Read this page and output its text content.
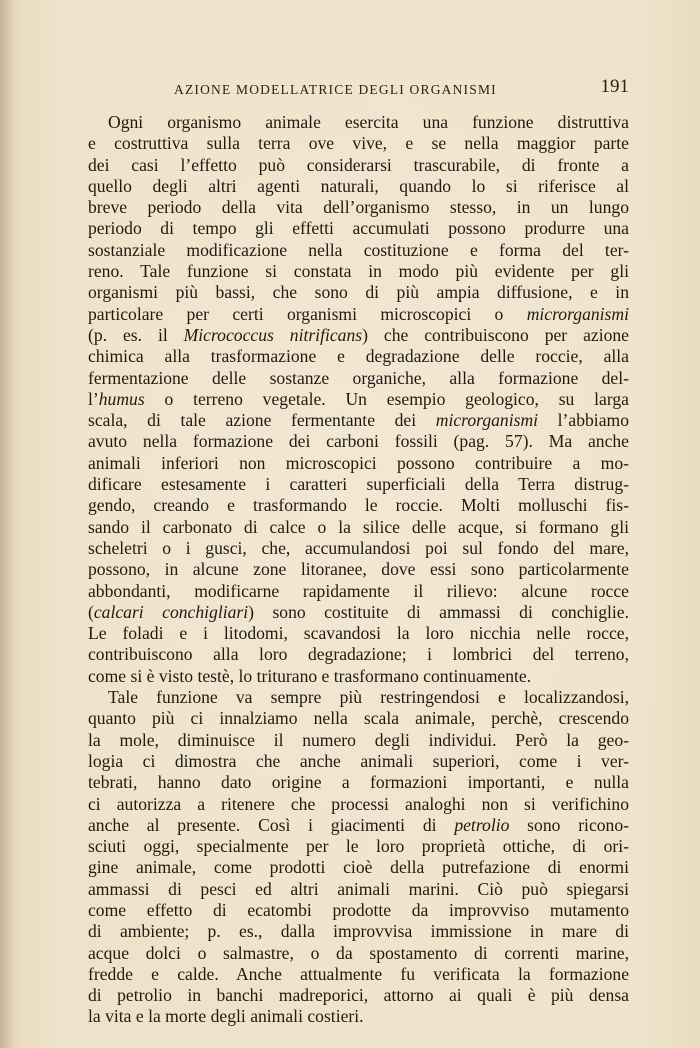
AZIONE MODELLATRICE DEGLI ORGANISMI	191
Ogni organismo animale esercita una funzione distruttiva
e costruttiva sulla terra ove vive, e se nella maggior parte
dei casi l’effetto può considerarsi trascurabile, di fronte a
quello degli altri agenti naturali, quando lo si riferisce al
breve periodo della vita dell’organismo stesso, in un lungo
periodo di tempo gli effetti accumulati possono produrre una
sostanziale modificazione nella costituzione e forma del ter-
reno. Tale funzione si constata in modo più evidente per gli
organismi più bassi, che sono di più ampia diffusione, e in
particolare per certi organismi microscopici o microrganismi
(p. es. il Micrococcus nitrificans) che contribuiscono per azione
chimica alla trasformazione e degradazione delle roccie, alla
fermentazione delle sostanze organiche, alla formazione del-
l’humus o terreno vegetale. Un esempio geologico, su larga
scala, di tale azione fermentante dei microrganismi l’abbiamo
avuto nella formazione dei carboni fossili (pag. 57). Ma anche
animali inferiori non microscopici possono contribuire a mo-
dificare estesamente i caratteri superficiali della Terra distrug-
gendo, creando e trasformando le roccie. Molti molluschi fis-
sando il carbonato di calce o la silice delle acque, si formano gli
scheletri o i gusci, che, accumulandosi poi sul fondo del mare,
possono, in alcune zone litoranee, dove essi sono particolarmente
abbondanti, modificarne rapidamente il rilievo: alcune rocce
(calcari conchigliari) sono costituite di ammassi di conchiglie.
Le foladi e i litodomi, scavandosi la loro nicchia nelle rocce,
contribuiscono alla loro degradazione; i lombrici del terreno,
come si è visto testè, lo triturano e trasformano continuamente.
Tale funzione va sempre più restringendosi e localizzandosi,
quanto più ci innalziamo nella scala animale, perchè, crescendo
la mole, diminuisce il numero degli individui. Però la geo-
logia ci dimostra che anche animali superiori, come i ver-
tebrati, hanno dato origine a formazioni importanti, e nulla
ci autorizza a ritenere che processi analoghi non si verifichino
anche al presente. Così i giacimenti di petrolio sono ricono-
sciuti oggi, specialmente per le loro proprietà ottiche, di ori-
gine animale, come prodotti cioè della putrefazione di enormi
ammassi di pesci ed altri animali marini. Ciò può spiegarsi
come effetto di ecatombi prodotte da improvviso mutamento
di ambiente; p. es., dalla improvvisa immissione in mare di
acque dolci o salmastre, o da spostamento di correnti marine,
fredde e calde. Anche attualmente fu verificata la formazione
di petrolio in banchi madreporici, attorno ai quali è più densa
la vita e la morte degli animali costieri.
